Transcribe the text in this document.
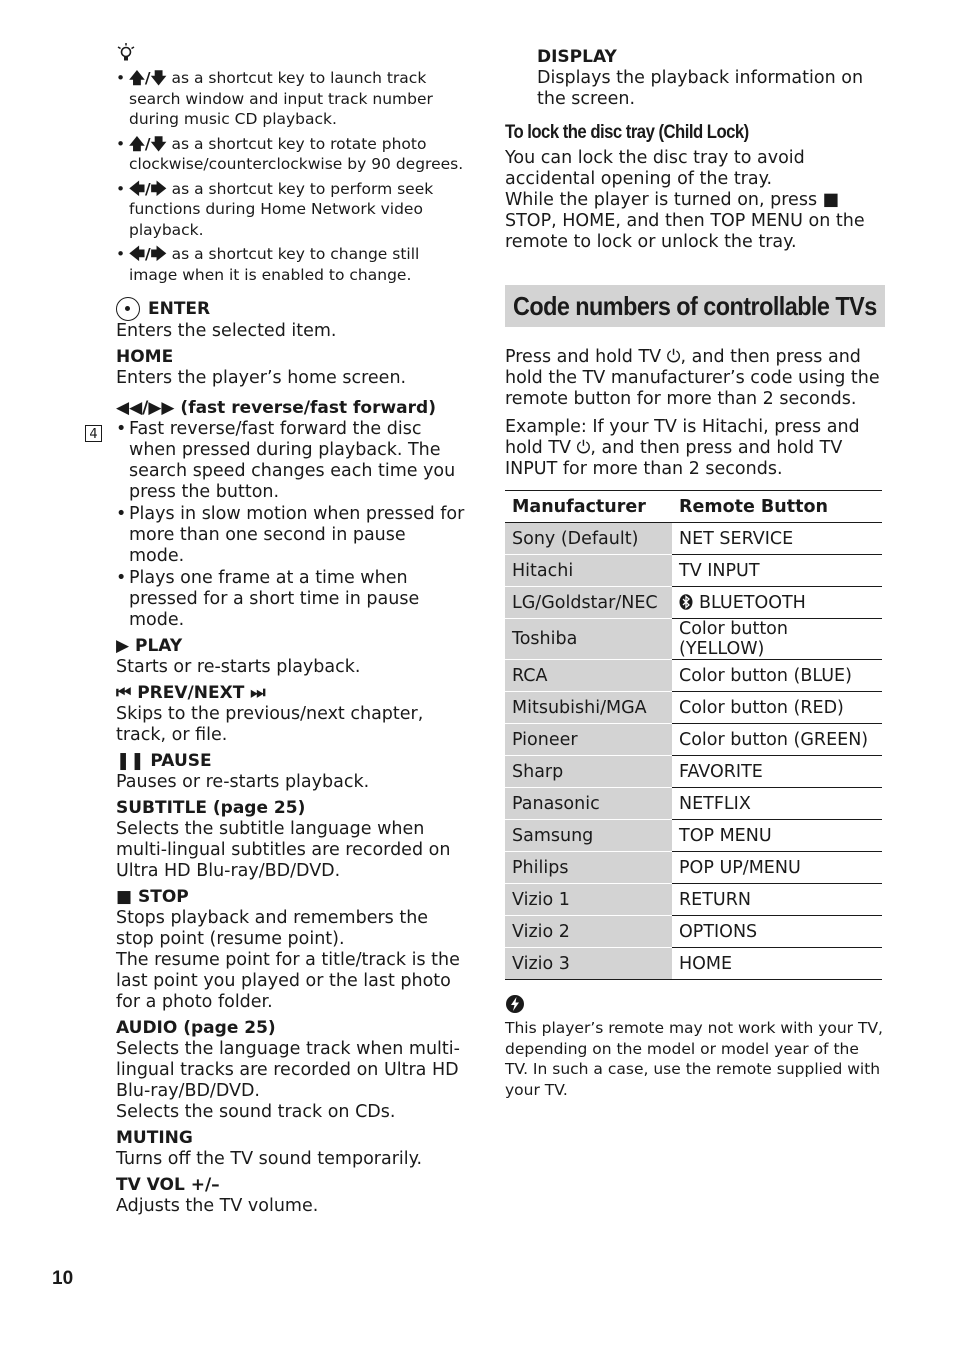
• 🡅/🡇 as a shortcut key to launch track search window and input track number during music CD playback.
• 🡅/🡇 as a shortcut key to rotate photo clockwise/counterclockwise by 90 degrees.
• 🡄/🡆 as a shortcut key to perform seek functions during Home Network video playback.
• 🡄/🡆 as a shortcut key to change still image when it is enabled to change.
ENTER
Enters the selected item.
HOME
Enters the player’s home screen.
◀◀/▶▶ (fast reverse/fast forward)
• Fast reverse/fast forward the disc when pressed during playback. The search speed changes each time you press the button.
• Plays in slow motion when pressed for more than one second in pause mode.
• Plays one frame at a time when pressed for a short time in pause mode.
▶ PLAY
Starts or re-starts playback.
⏮ PREV/NEXT ⏭
Skips to the previous/next chapter, track, or file.
❚❚ PAUSE
Pauses or re-starts playback.
SUBTITLE (page 25)
Selects the subtitle language when multi-lingual subtitles are recorded on Ultra HD Blu-ray/BD/DVD.
■ STOP
Stops playback and remembers the stop point (resume point).
The resume point for a title/track is the last point you played or the last photo for a photo folder.
AUDIO (page 25)
Selects the language track when multi-lingual tracks are recorded on Ultra HD Blu-ray/BD/DVD.
Selects the sound track on CDs.
MUTING
Turns off the TV sound temporarily.
TV VOL +/–
Adjusts the TV volume.
4
DISPLAY
Displays the playback information on the screen.
To lock the disc tray (Child Lock)
You can lock the disc tray to avoid accidental opening of the tray.
While the player is turned on, press ■ STOP, HOME, and then TOP MENU on the remote to lock or unlock the tray.
Code numbers of controllable TVs
Press and hold TV ⏻, and then press and hold the TV manufacturer’s code using the remote button for more than 2 seconds.
Example: If your TV is Hitachi, press and hold TV ⏻, and then press and hold TV INPUT for more than 2 seconds.
Manufacturer	Remote Button
Sony (Default)	NET SERVICE
Hitachi	TV INPUT
LG/Goldstar/NEC	BLUETOOTH
Toshiba	Color button (YELLOW)
RCA	Color button (BLUE)
Mitsubishi/MGA	Color button (RED)
Pioneer	Color button (GREEN)
Sharp	FAVORITE
Panasonic	NETFLIX
Samsung	TOP MENU
Philips	POP UP/MENU
Vizio 1	RETURN
Vizio 2	OPTIONS
Vizio 3	HOME
This player’s remote may not work with your TV, depending on the model or model year of the TV. In such a case, use the remote supplied with your TV.
10
